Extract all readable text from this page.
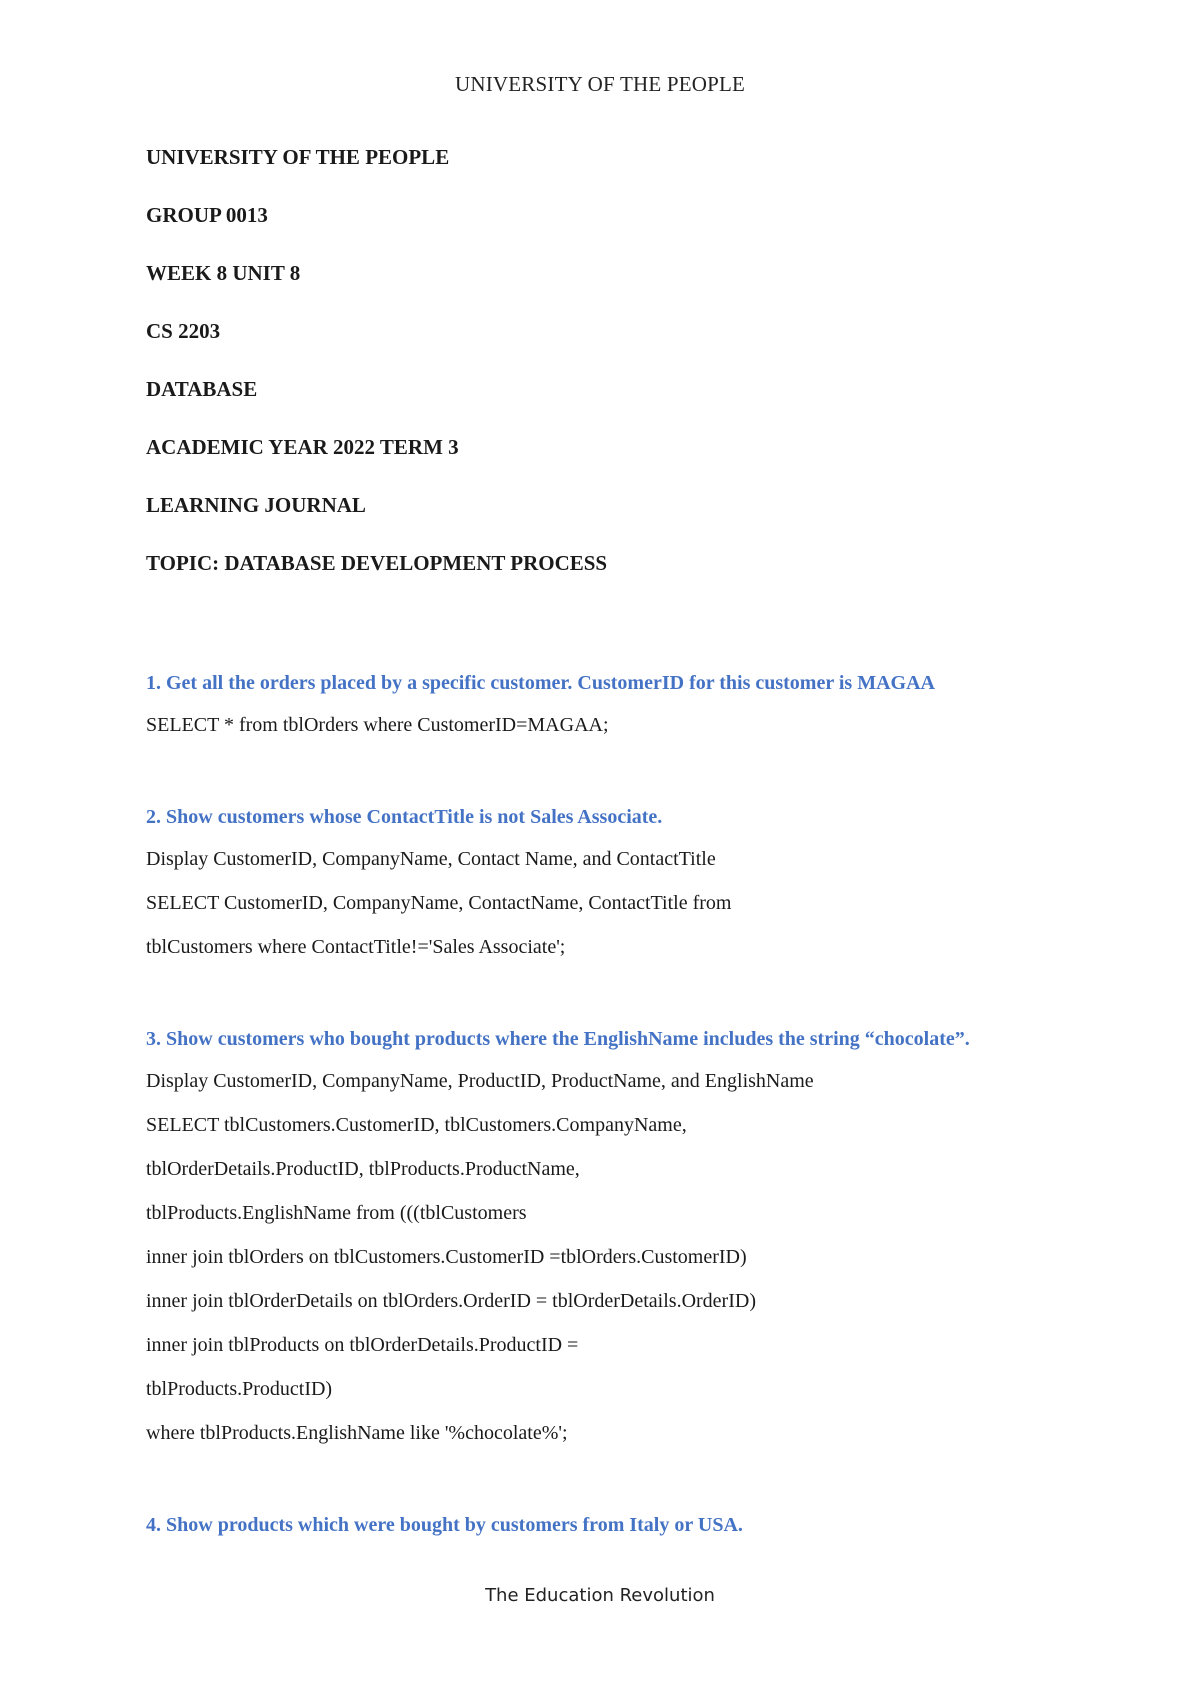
UNIVERSITY OF THE PEOPLE
UNIVERSITY OF THE PEOPLE
GROUP 0013
WEEK 8 UNIT 8
CS 2203
DATABASE
ACADEMIC YEAR 2022 TERM 3
LEARNING JOURNAL
TOPIC: DATABASE DEVELOPMENT PROCESS

1. Get all the orders placed by a specific customer. CustomerID for this customer is MAGAA

SELECT * from tblOrders where CustomerID=MAGAA;

2. Show customers whose ContactTitle is not Sales Associate.

Display CustomerID, CompanyName, Contact Name, and ContactTitle

SELECT CustomerID, CompanyName, ContactName, ContactTitle from

tblCustomers where ContactTitle!='Sales Associate';

3. Show customers who bought products where the EnglishName includes the string “chocolate”.

Display CustomerID, CompanyName, ProductID, ProductName, and EnglishName

SELECT tblCustomers.CustomerID, tblCustomers.CompanyName,

tblOrderDetails.ProductID, tblProducts.ProductName,

tblProducts.EnglishName from (((tblCustomers

inner join tblOrders on tblCustomers.CustomerID =tblOrders.CustomerID)

inner join tblOrderDetails on tblOrders.OrderID = tblOrderDetails.OrderID)

inner join tblProducts on tblOrderDetails.ProductID =

tblProducts.ProductID)

where tblProducts.EnglishName like '%chocolate%';

4. Show products which were bought by customers from Italy or USA.

The Education Revolution
